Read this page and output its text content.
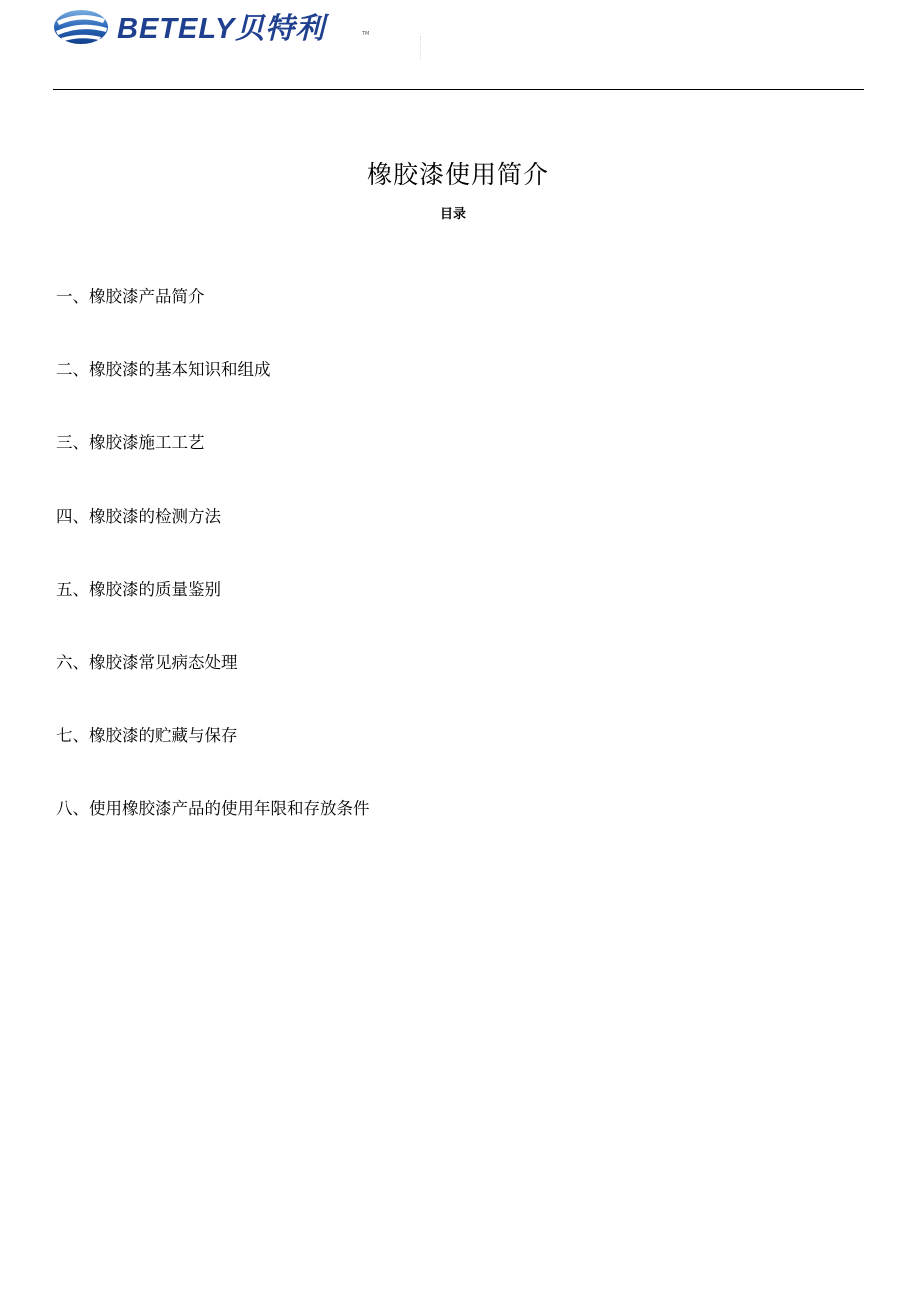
BETELY贝特利	TM
橡胶漆使用简介
目录
一、橡胶漆产品简介
二、橡胶漆的基本知识和组成
三、橡胶漆施工工艺
四、橡胶漆的检测方法
五、橡胶漆的质量鉴别
六、橡胶漆常见病态处理
七、橡胶漆的贮藏与保存
八、使用橡胶漆产品的使用年限和存放条件
